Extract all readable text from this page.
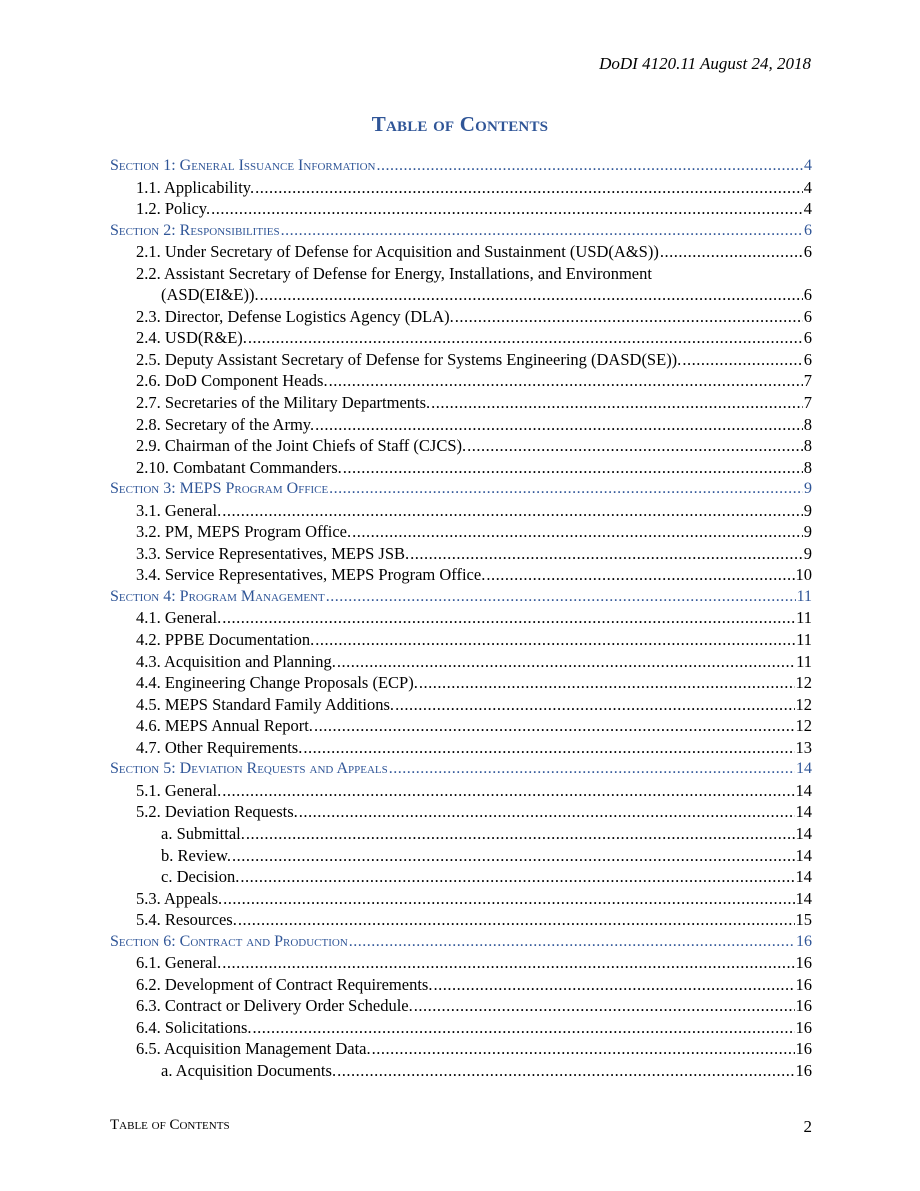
DoDI 4120.11 August 24, 2018
Table of Contents
Section 1: General Issuance Information .....	4
1.1. Applicability. .....	4
1.2. Policy. .....	4
Section 2: Responsibilities .....	6
2.1. Under Secretary of Defense for Acquisition and Sustainment (USD(A&S)) .....	6
2.2. Assistant Secretary of Defense for Energy, Installations, and Environment
(ASD(EI&E)). .....	6
2.3. Director, Defense Logistics Agency (DLA). .....	6
2.4. USD(R&E). .....	6
2.5. Deputy Assistant Secretary of Defense for Systems Engineering (DASD(SE)). .....	6
2.6. DoD Component Heads. .....	7
2.7. Secretaries of the Military Departments. .....	7
2.8. Secretary of the Army. .....	8
2.9. Chairman of the Joint Chiefs of Staff (CJCS). .....	8
2.10. Combatant Commanders. .....	8
Section 3: MEPS Program Office .....	9
3.1. General. .....	9
3.2. PM, MEPS Program Office. .....	9
3.3. Service Representatives, MEPS JSB. .....	9
3.4. Service Representatives, MEPS Program Office. .....	10
Section 4: Program Management .....	11
4.1. General. .....	11
4.2. PPBE Documentation. .....	11
4.3. Acquisition and Planning. .....	11
4.4. Engineering Change Proposals (ECP). .....	12
4.5. MEPS Standard Family Additions. .....	12
4.6. MEPS Annual Report. .....	12
4.7. Other Requirements. .....	13
Section 5: Deviation Requests and Appeals .....	14
5.1. General. .....	14
5.2. Deviation Requests. .....	14
a. Submittal. .....	14
b. Review. .....	14
c. Decision. .....	14
5.3. Appeals. .....	14
5.4. Resources. .....	15
Section 6: Contract and Production .....	16
6.1. General. .....	16
6.2. Development of Contract Requirements. .....	16
6.3. Contract or Delivery Order Schedule. .....	16
6.4. Solicitations. .....	16
6.5. Acquisition Management Data. .....	16
a. Acquisition Documents. .....	16
Table of Contents	2
